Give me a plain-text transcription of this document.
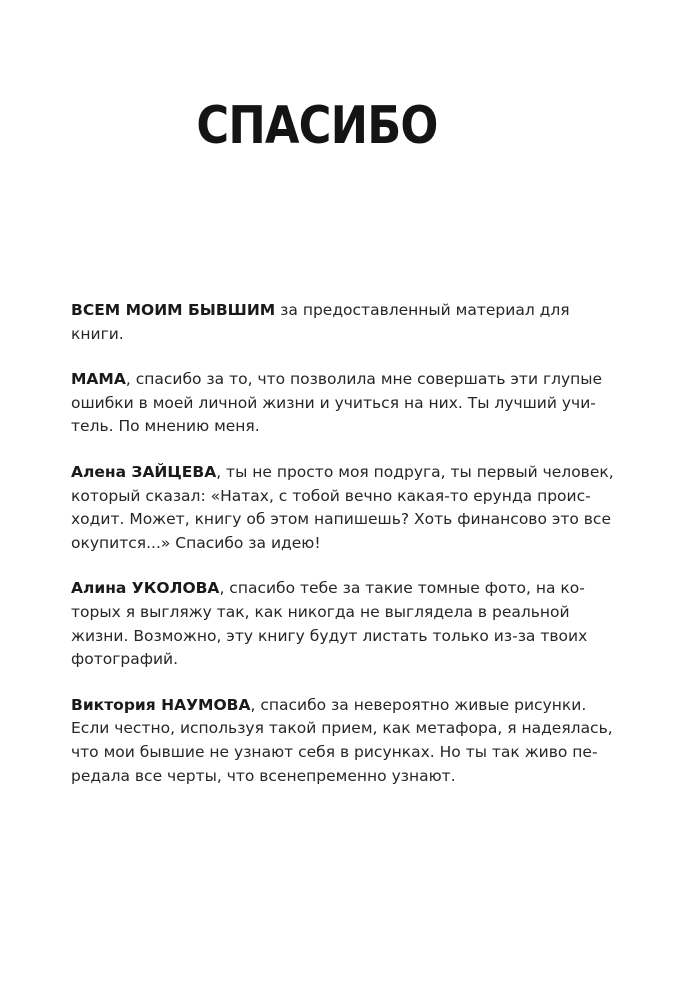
СПАСИБО

ВСЕМ МОИМ БЫВШИМ за предоставленный материал для
книги.

МАМА, спасибо за то, что позволила мне совершать эти глупые
ошибки в моей личной жизни и учиться на них. Ты лучший учи-
тель. По мнению меня.

Алена ЗАЙЦЕВА, ты не просто моя подруга, ты первый человек,
который сказал: «Натах, с тобой вечно какая-то ерунда проис-
ходит. Может, книгу об этом напишешь? Хоть финансово это все
окупится...» Спасибо за идею!

Алина УКОЛОВА, спасибо тебе за такие томные фото, на ко-
торых я выгляжу так, как никогда не выглядела в реальной
жизни. Возможно, эту книгу будут листать только из-за твоих
фотографий.

Виктория НАУМОВА, спасибо за невероятно живые рисунки.
Если честно, используя такой прием, как метафора, я надеялась,
что мои бывшие не узнают себя в рисунках. Но ты так живо пе-
редала все черты, что всенепременно узнают.
